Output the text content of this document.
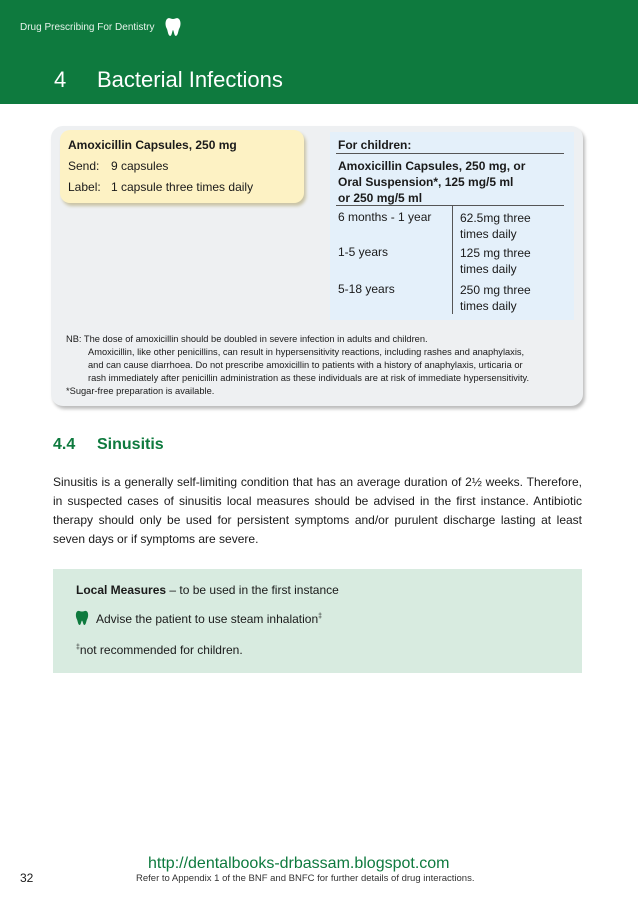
Drug Prescribing For Dentistry
4 Bacterial Infections
Amoxicillin Capsules, 250 mg
Send: 9 capsules
Label: 1 capsule three times daily
For children:
Amoxicillin Capsules, 250 mg, or
Oral Suspension*, 125 mg/5 ml
or 250 mg/5 ml
6 months - 1 year 62.5mg three times daily
1-5 years	125 mg three times daily
5-18 years	250 mg three times daily
NB: The dose of amoxicillin should be doubled in severe infection in adults and children.
Amoxicillin, like other penicillins, can result in hypersensitivity reactions, including rashes and anaphylaxis,
and can cause diarrhoea. Do not prescribe amoxicillin to patients with a history of anaphylaxis, urticaria or
rash immediately after penicillin administration as these individuals are at risk of immediate hypersensitivity.
*Sugar-free preparation is available.
4.4 Sinusitis
Sinusitis is a generally self-limiting condition that has an average duration of 2½ weeks. Therefore, in suspected cases of sinusitis local measures should be advised in the first instance. Antibiotic therapy should only be used for persistent symptoms and/or purulent discharge lasting at least seven days or if symptoms are severe.
Local Measures – to be used in the first instance
Advise the patient to use steam inhalation‡
‡not recommended for children.
32
http://dentalbooks-drbassam.blogspot.com
Refer to Appendix 1 of the BNF and BNFC for further details of drug interactions.
